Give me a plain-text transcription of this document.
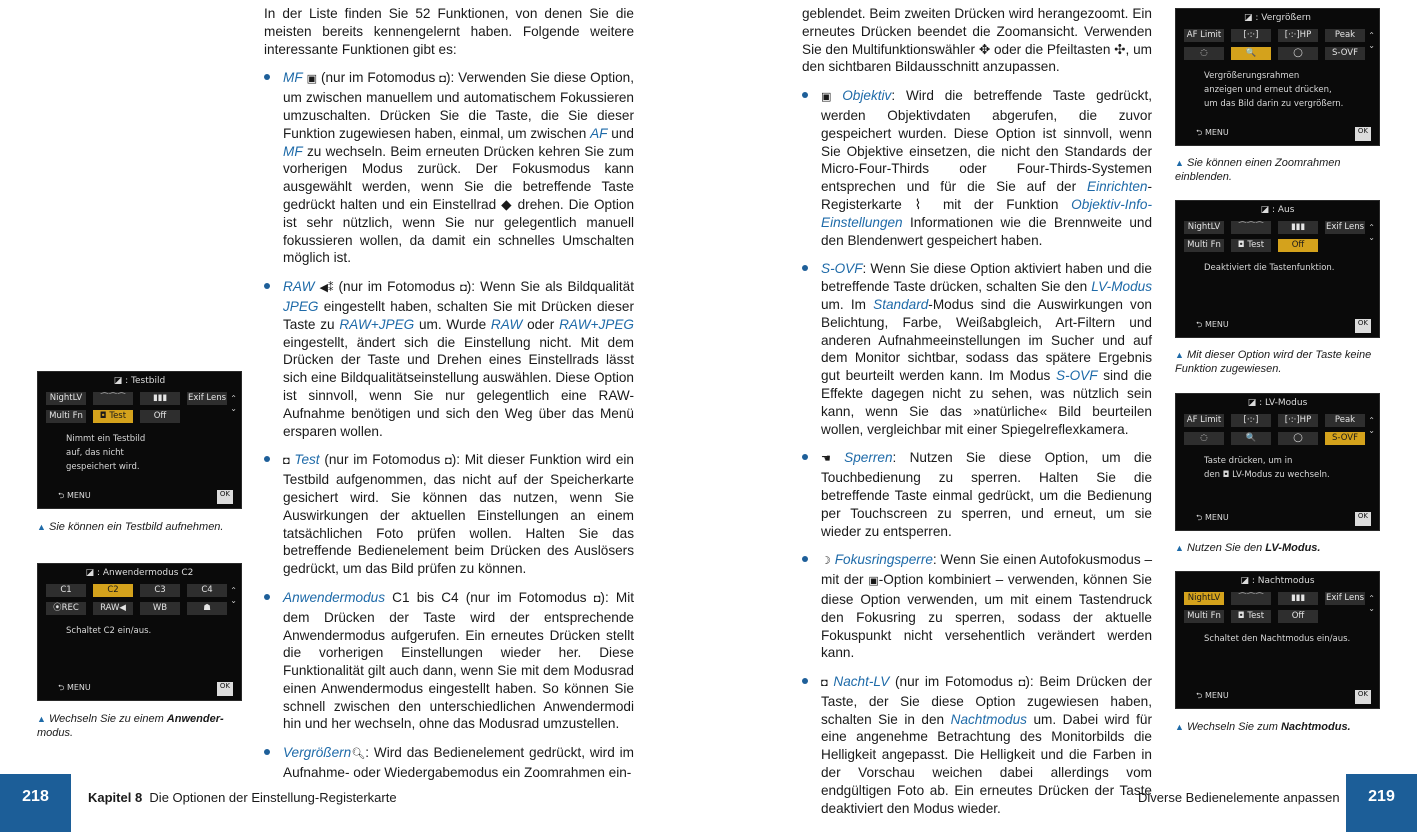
In der Liste finden Sie 52 Funktionen, von denen Sie die meisten bereits kennengelernt haben. Folgende weitere interessante Funktionen gibt es:

MF ▣ (nur im Fotomodus ◘): Verwenden Sie diese Option, um zwischen manuellem und automatischem Fokussieren umzuschalten. Drücken Sie die Taste, die Sie dieser Funktion zugewiesen haben, einmal, um zwischen AF und MF zu wechseln. Beim erneuten Drücken kehren Sie zum vorherigen Modus zurück. Der Fokusmodus kann ausgewählt werden, wenn Sie die betreffende Taste gedrückt halten und ein Einstellrad ◆ drehen. Die Option ist sehr nützlich, wenn Sie nur gelegentlich manuell fokussieren wollen, da damit ein schnelles Umschalten möglich ist.
RAW ◀⁑ (nur im Fotomodus ◘): Wenn Sie als Bildqualität JPEG eingestellt haben, schalten Sie mit Drücken dieser Taste zu RAW+JPEG um. Wurde RAW oder RAW+JPEG eingestellt, ändert sich die Einstellung nicht. Mit dem Drücken der Taste und Drehen eines Einstellrads lässt sich eine Bildqualitätseinstellung auswählen. Diese Option ist sinnvoll, wenn Sie nur gelegentlich eine RAW-Aufnahme benötigen und sich den Weg über das Menü ersparen wollen.
◘ Test (nur im Fotomodus ◘): Mit dieser Funktion wird ein Testbild aufgenommen, das nicht auf der Speicherkarte gesichert wird. Sie können das nutzen, wenn Sie Auswirkungen der aktuellen Einstellungen an einem tatsächlichen Foto prüfen wollen. Halten Sie das betreffende Bedienelement beim Drücken des Auslösers gedrückt, um das Bild prüfen zu können.
Anwendermodus C1 bis C4 (nur im Fotomodus ◘): Mit dem Drücken der Taste wird der entsprechende Anwendermodus aufgerufen. Ein erneutes Drücken stellt die vorherigen Einstellungen wieder her. Diese Funktionalität gilt auch dann, wenn Sie mit dem Modusrad einen Anwendermodus eingestellt haben. So können Sie schnell zwischen den unterschiedlichen Anwendermodi hin und her wechseln, ohne das Modusrad umzustellen.
Vergrößern🔍︎: Wird das Bedienelement gedrückt, wird im Aufnahme- oder Wiedergabemodus ein Zoomrahmen ein-

geblendet. Beim zweiten Drücken wird herangezoomt. Ein erneutes Drücken beendet die Zoomansicht. Verwenden Sie den Multifunktionswähler ✥ oder die Pfeiltasten ✣, um den sichtbaren Bildausschnitt anzupassen.

▣ Objektiv: Wird die betreffende Taste gedrückt, werden Objektivdaten abgerufen, die zuvor gespeichert wurden. Diese Option ist sinnvoll, wenn Sie Objektive einsetzen, die nicht den Standards der Micro-Four-Thirds oder Four-Thirds-Systemen entsprechen und für die Sie auf der Einrichten-Registerkarte ⌇ mit der Funktion Objektiv-Info-Einstellungen Informationen wie die Brennweite und den Blendenwert gespeichert haben.
S-OVF: Wenn Sie diese Option aktiviert haben und die betreffende Taste drücken, schalten Sie den LV-Modus um. Im Standard-Modus sind die Auswirkungen von Belichtung, Farbe, Weißabgleich, Art-Filtern und anderen Aufnahmeeinstellungen im Sucher und auf dem Monitor sichtbar, sodass das spätere Ergebnis gut beurteilt werden kann. Im Modus S-OVF sind die Effekte dagegen nicht zu sehen, was nützlich sein kann, wenn Sie das »natürliche« Bild beurteilen wollen, vergleichbar mit einer Spiegelreflexkamera.
☚ Sperren: Nutzen Sie diese Option, um die Touchbedienung zu sperren. Halten Sie die betreffende Taste einmal gedrückt, um die Bedienung per Touchscreen zu sperren, und erneut, um sie wieder zu entsperren.
☽ Fokusringsperre: Wenn Sie einen Autofokusmodus – mit der ▣-Option kombiniert – verwenden, können Sie diese Option verwenden, um mit einem Tastendruck den Fokusring zu sperren, sodass der aktuelle Fokuspunkt nicht versehentlich verändert werden kann.
◘ Nacht-LV (nur im Fotomodus ◘): Beim Drücken der Taste, der Sie diese Option zugewiesen haben, schalten Sie in den Nachtmodus um. Dabei wird für eine angenehme Betrachtung des Monitorbilds die Helligkeit angepasst. Die Helligkeit und die Farben in der Vorschau weichen dabei allerdings vom endgültigen Foto ab. Ein erneutes Drücken der Taste deaktiviert den Modus wieder.
◪ : Testbild
NightLV	⌒⌒⌒	▮▮▮	Exif Lens
Multi Fn	◘ Test	Off
⌃
⌄
Nimmt ein Testbild
auf, das nicht
gespeichert wird.
⮌ MENU	OK
▲ Sie können ein Testbild aufnehmen.
◪ : Anwendermodus C2
C1	C2	C3	C4
⦿REC	RAW◀	WB	☗
⌃
⌄
Schaltet C2 ein/aus.
⮌ MENU	OK
▲ Wechseln Sie zu einem Anwender-
modus.
◪ : Vergrößern
AF Limit	[·:·]	[·:·]HP	Peak
◌	🔍	◯	S-OVF
⌃
⌄
Vergrößerungsrahmen
anzeigen und erneut drücken,
um das Bild darin zu vergrößern.
⮌ MENU	OK
▲ Sie können einen Zoomrahmen einblenden.
◪ : Aus
NightLV	⌒⌒⌒	▮▮▮	Exif Lens
Multi Fn	◘ Test	Off
⌃
⌄
Deaktiviert die Tastenfunktion.
⮌ MENU	OK
▲ Mit dieser Option wird der Taste keine Funktion zugewiesen.
◪ : LV-Modus
AF Limit	[·:·]	[·:·]HP	Peak
◌	🔍	◯	S-OVF
⌃
⌄
Taste drücken, um in
den ◘ LV-Modus zu wechseln.
⮌ MENU	OK
▲ Nutzen Sie den LV-Modus.
◪ : Nachtmodus
NightLV	⌒⌒⌒	▮▮▮	Exif Lens
Multi Fn	◘ Test	Off
⌃
⌄
Schaltet den Nachtmodus ein/aus.
⮌ MENU	OK
▲ Wechseln Sie zum Nachtmodus.
218	Kapitel 8 Die Optionen der Einstellung-Registerkarte	Diverse Bedienelemente anpassen	219
